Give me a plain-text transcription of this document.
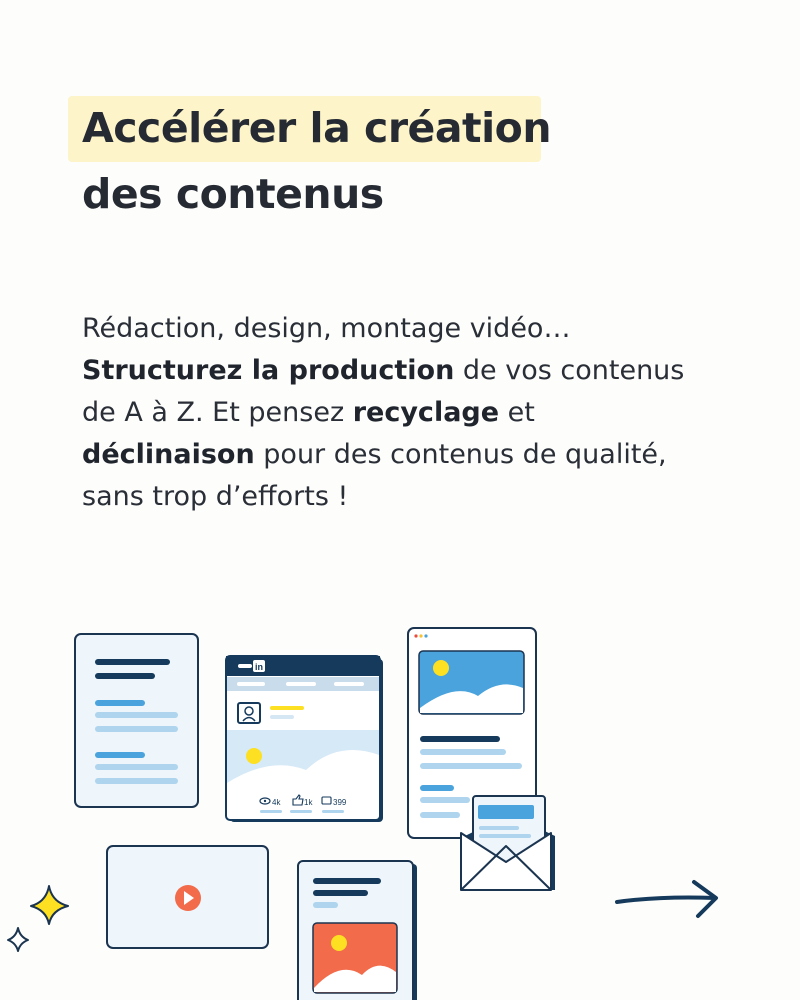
Accélérer la création
des contenus

Rédaction, design, montage vidéo…

Structurez la production de vos contenus

de A à Z. Et pensez recyclage et

déclinaison pour des contenus de qualité,

sans trop d’efforts !

in
4k	1k	399
